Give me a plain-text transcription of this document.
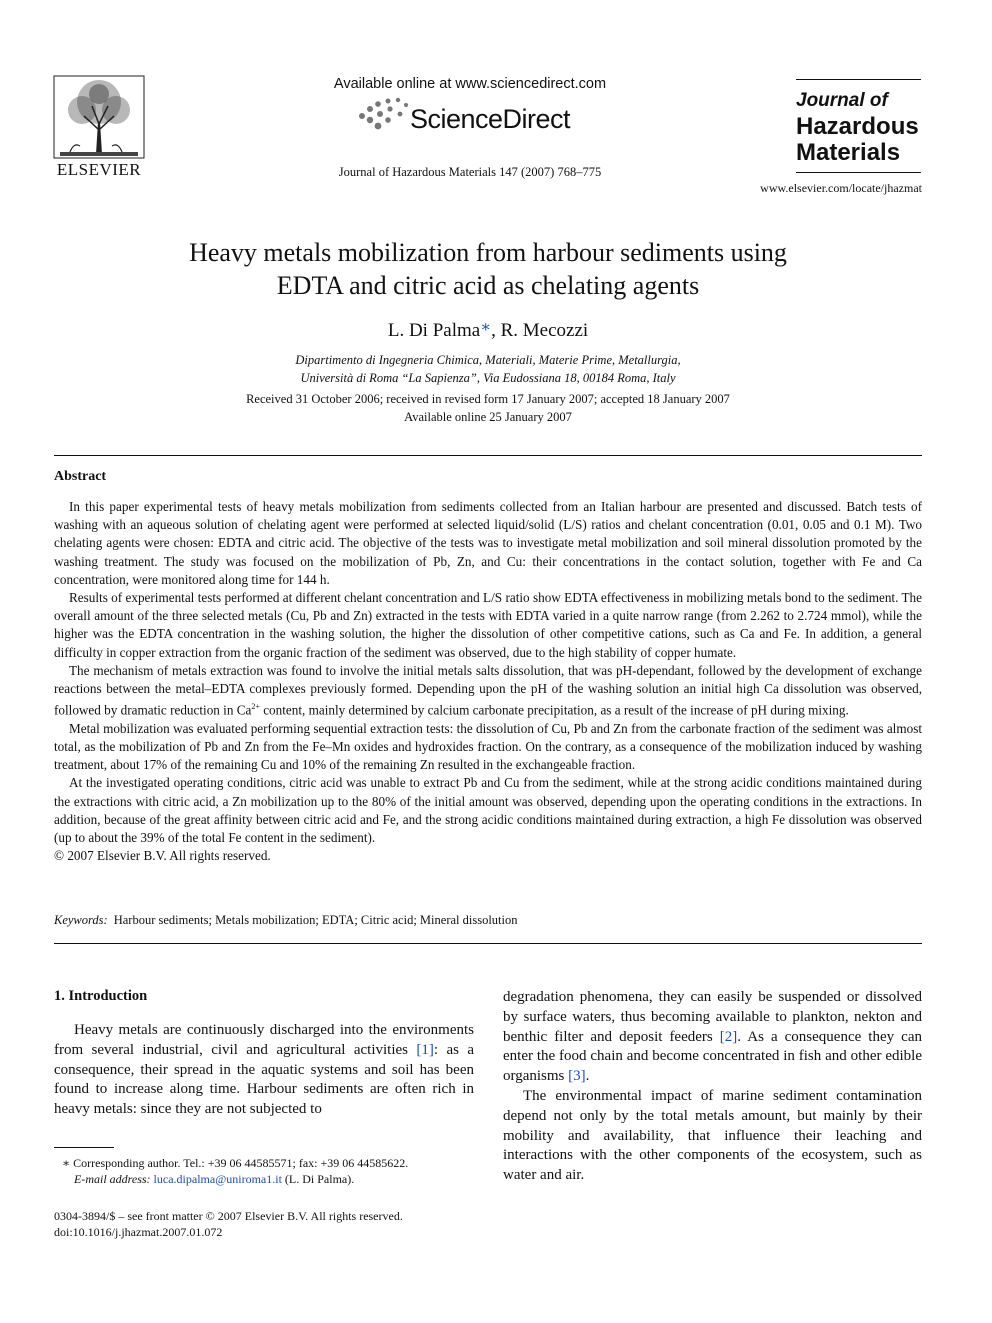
ELSEVIER
Available online at www.sciencedirect.com
ScienceDirect
Journal of Hazardous Materials 147 (2007) 768–775
Journal of
Hazardous
Materials
www.elsevier.com/locate/jhazmat
Heavy metals mobilization from harbour sediments using
EDTA and citric acid as chelating agents
L. Di Palma∗, R. Mecozzi
Dipartimento di Ingegneria Chimica, Materiali, Materie Prime, Metallurgia,
Università di Roma “La Sapienza”, Via Eudossiana 18, 00184 Roma, Italy
Received 31 October 2006; received in revised form 17 January 2007; accepted 18 January 2007
Available online 25 January 2007
Abstract

In this paper experimental tests of heavy metals mobilization from sediments collected from an Italian harbour are presented and discussed. Batch tests of washing with an aqueous solution of chelating agent were performed at selected liquid/solid (L/S) ratios and chelant concentration (0.01, 0.05 and 0.1 M). Two chelating agents were chosen: EDTA and citric acid. The objective of the tests was to investigate metal mobilization and soil mineral dissolution promoted by the washing treatment. The study was focused on the mobilization of Pb, Zn, and Cu: their concentrations in the contact solution, together with Fe and Ca concentration, were monitored along time for 144 h.

Results of experimental tests performed at different chelant concentration and L/S ratio show EDTA effectiveness in mobilizing metals bond to the sediment. The overall amount of the three selected metals (Cu, Pb and Zn) extracted in the tests with EDTA varied in a quite narrow range (from 2.262 to 2.724 mmol), while the higher was the EDTA concentration in the washing solution, the higher the dissolution of other competitive cations, such as Ca and Fe. In addition, a general difficulty in copper extraction from the organic fraction of the sediment was observed, due to the high stability of copper humate.

The mechanism of metals extraction was found to involve the initial metals salts dissolution, that was pH-dependant, followed by the development of exchange reactions between the metal–EDTA complexes previously formed. Depending upon the pH of the washing solution an initial high Ca dissolution was observed, followed by dramatic reduction in $Ca^{2+}$ content, mainly determined by calcium carbonate precipitation, as a result of the increase of pH during mixing.

Metal mobilization was evaluated performing sequential extraction tests: the dissolution of Cu, Pb and Zn from the carbonate fraction of the sediment was almost total, as the mobilization of Pb and Zn from the Fe–Mn oxides and hydroxides fraction. On the contrary, as a consequence of the mobilization induced by washing treatment, about 17% of the remaining Cu and 10% of the remaining Zn resulted in the exchangeable fraction.

At the investigated operating conditions, citric acid was unable to extract Pb and Cu from the sediment, while at the strong acidic conditions maintained during the extractions with citric acid, a Zn mobilization up to the 80% of the initial amount was observed, depending upon the operating conditions in the extractions. In addition, because of the great affinity between citric acid and Fe, and the strong acidic conditions maintained during extraction, a high Fe dissolution was observed (up to about the 39% of the total Fe content in the sediment).

© 2007 Elsevier B.V. All rights reserved.

Keywords: Harbour sediments; Metals mobilization; EDTA; Citric acid; Mineral dissolution
1. Introduction

Heavy metals are continuously discharged into the environments from several industrial, civil and agricultural activities [1]: as a consequence, their spread in the aquatic systems and soil has been found to increase along time. Harbour sediments are often rich in heavy metals: since they are not subjected to

degradation phenomena, they can easily be suspended or dissolved by surface waters, thus becoming available to plankton, nekton and benthic filter and deposit feeders [2]. As a consequence they can enter the food chain and become concentrated in fish and other edible organisms [3].

The environmental impact of marine sediment contamination depend not only by the total metals amount, but mainly by their mobility and availability, that influence their leaching and interactions with the other components of the ecosystem, such as water and air.

∗ Corresponding author. Tel.: +39 06 44585571; fax: +39 06 44585622.
E-mail address: luca.dipalma@uniroma1.it (L. Di Palma).
0304-3894/$ – see front matter © 2007 Elsevier B.V. All rights reserved.
doi:10.1016/j.jhazmat.2007.01.072
